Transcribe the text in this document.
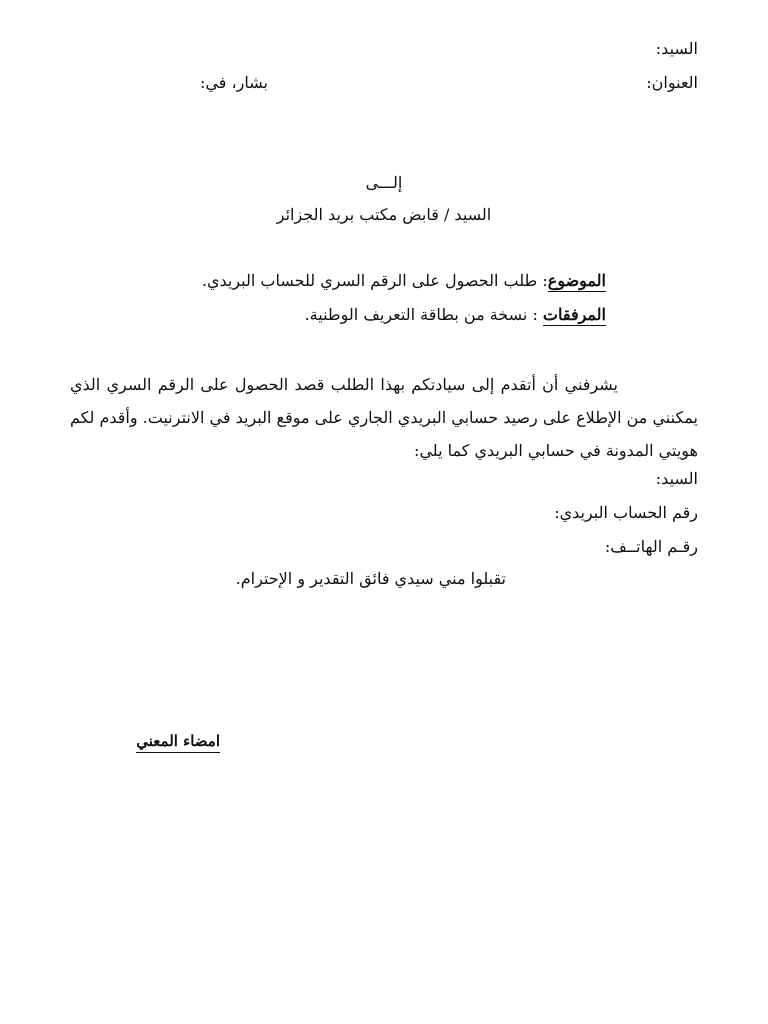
السيد:
العنوان:
بشار، في:
إلـــى
السيد / قابض مكتب بريد الجزائر
الموضوع: طلب الحصول على الرقم السري للحساب البريدي.
المرفقات : نسخة من بطاقة التعريف الوطنية.
يشرفني أن أتقدم إلى سيادتكم بهذا الطلب قصد الحصول على الرقم السري الذي يمكنني من الإطلاع على رصيد حسابي البريدي الجاري على موقع البريد في الانترنيت. وأقدم لكم هويتي المدونة في حسابي البريدي كما يلي:
السيد:
رقم الحساب البريدي:
رقـم الهاتــف:
تقبلوا مني سيدي فائق التقدير و الإحترام.
امضاء المعني
